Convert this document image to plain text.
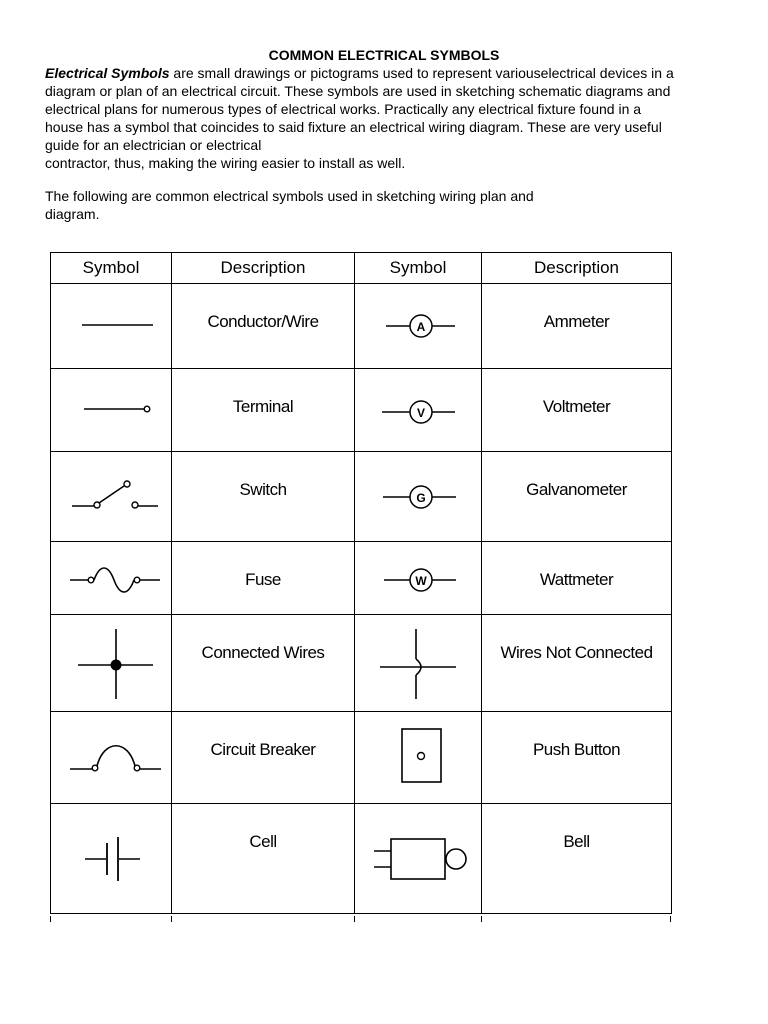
COMMON ELECTRICAL SYMBOLS

Electrical Symbols are small drawings or pictograms used to represent variouselectrical devices in a

diagram or plan of an electrical circuit. These symbols are used in sketching schematic diagrams and

electrical plans for numerous types of electrical works. Practically any electrical fixture found in a

house has a symbol that coincides to said fixture an electrical wiring diagram. These are very useful

guide for an electrician or electrical

contractor, thus, making the wiring easier to install as well.

The following are common electrical symbols used in sketching wiring plan and

diagram.

Symbol	Description	Symbol	Description

	Conductor/Wire	A	Ammeter

	Terminal	V	Voltmeter

	Switch	G	Galvanometer

	Fuse	W	Wattmeter

	Connected Wires		Wires Not Connected

	Circuit Breaker		Push Button

	Cell		Bell
